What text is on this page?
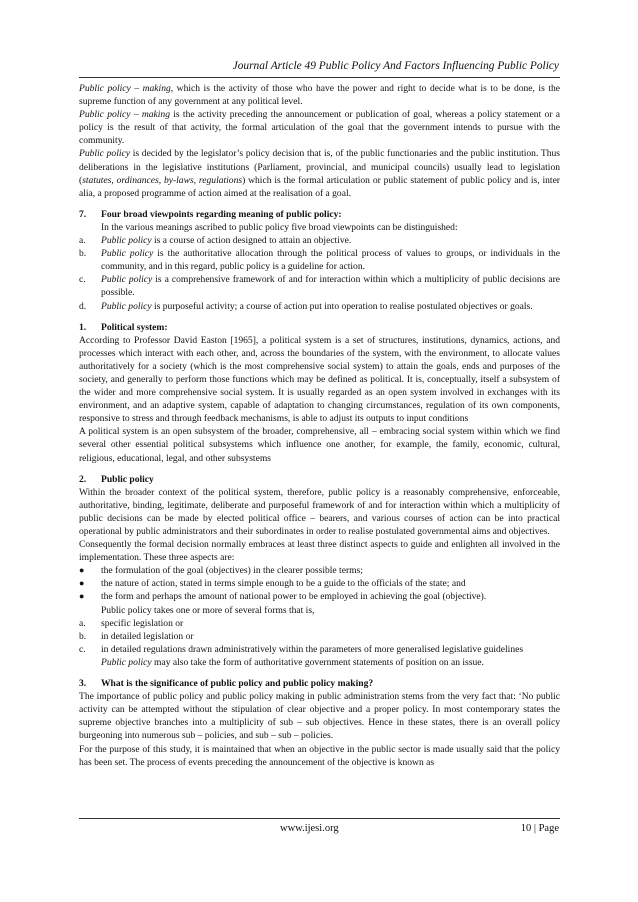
Journal Article 49 Public Policy And Factors Influencing Public Policy

Public policy – making, which is the activity of those who have the power and right to decide what is to be done, is the supreme function of any government at any political level.

Public policy – making is the activity preceding the announcement or publication of goal, whereas a policy statement or a policy is the result of that activity, the formal articulation of the goal that the government intends to pursue with the community.

Public policy is decided by the legislator’s policy decision that is, of the public functionaries and the public institution. Thus deliberations in the legislative institutions (Parliament, provincial, and municipal councils) usually lead to legislation (statutes, ordinances, by-laws, regulations) which is the formal articulation or public statement of public policy and is, inter alia, a proposed programme of action aimed at the realisation of a goal.

7. Four broad viewpoints regarding meaning of public policy:

In the various meanings ascribed to public policy five broad viewpoints can be distinguished:

a.	Public policy is a course of action designed to attain an objective.
b.	Public policy is the authoritative allocation through the political process of values to groups, or individuals in the community, and in this regard, public policy is a guideline for action.
c.	Public policy is a comprehensive framework of and for interaction within which a multiplicity of public decisions are possible.
d.	Public policy is purposeful activity; a course of action put into operation to realise postulated objectives or goals.

1. Political system:

According to Professor David Easton [1965], a political system is a set of structures, institutions, dynamics, actions, and processes which interact with each other, and, across the boundaries of the system, with the environment, to allocate values authoritatively for a society (which is the most comprehensive social system) to attain the goals, ends and purposes of the society, and generally to perform those functions which may be defined as political. It is, conceptually, itself a subsystem of the wider and more comprehensive social system. It is usually regarded as an open system involved in exchanges with its environment, and an adaptive system, capable of adaptation to changing circumstances, regulation of its own components, responsive to stress and through feedback mechanisms, is able to adjust its outputs to input conditions

A political system is an open subsystem of the broader, comprehensive, all – embracing social system within which we find several other essential political subsystems which influence one another, for example, the family, economic, cultural, religious, educational, legal, and other subsystems

2. Public policy

Within the broader context of the political system, therefore, public policy is a reasonably comprehensive, enforceable, authoritative, binding, legitimate, deliberate and purposeful framework of and for interaction within which a multiplicity of public decisions can be made by elected political office – bearers, and various courses of action can be into practical operational by public administrators and their subordinates in order to realise postulated governmental aims and objectives.

Consequently the formal decision normally embraces at least three distinct aspects to guide and enlighten all involved in the implementation. These three aspects are:

●	the formulation of the goal (objectives) in the clearer possible terms;
●	the nature of action, stated in terms simple enough to be a guide to the officials of the state; and
●	the form and perhaps the amount of national power to be employed in achieving the goal (objective).

Public policy takes one or more of several forms that is,

a.	specific legislation or
b.	in detailed legislation or
c.	in detailed regulations drawn administratively within the parameters of more generalised legislative guidelines

Public policy may also take the form of authoritative government statements of position on an issue.

3. What is the significance of public policy and public policy making?

The importance of public policy and public policy making in public administration stems from the very fact that: ‘No public activity can be attempted without the stipulation of clear objective and a proper policy. In most contemporary states the supreme objective branches into a multiplicity of sub – sub objectives. Hence in these states, there is an overall policy burgeoning into numerous sub – policies, and sub – sub – policies.

For the purpose of this study, it is maintained that when an objective in the public sector is made usually said that the policy has been set. The process of events preceding the announcement of the objective is known as

www.ijesi.org	10 | Page
